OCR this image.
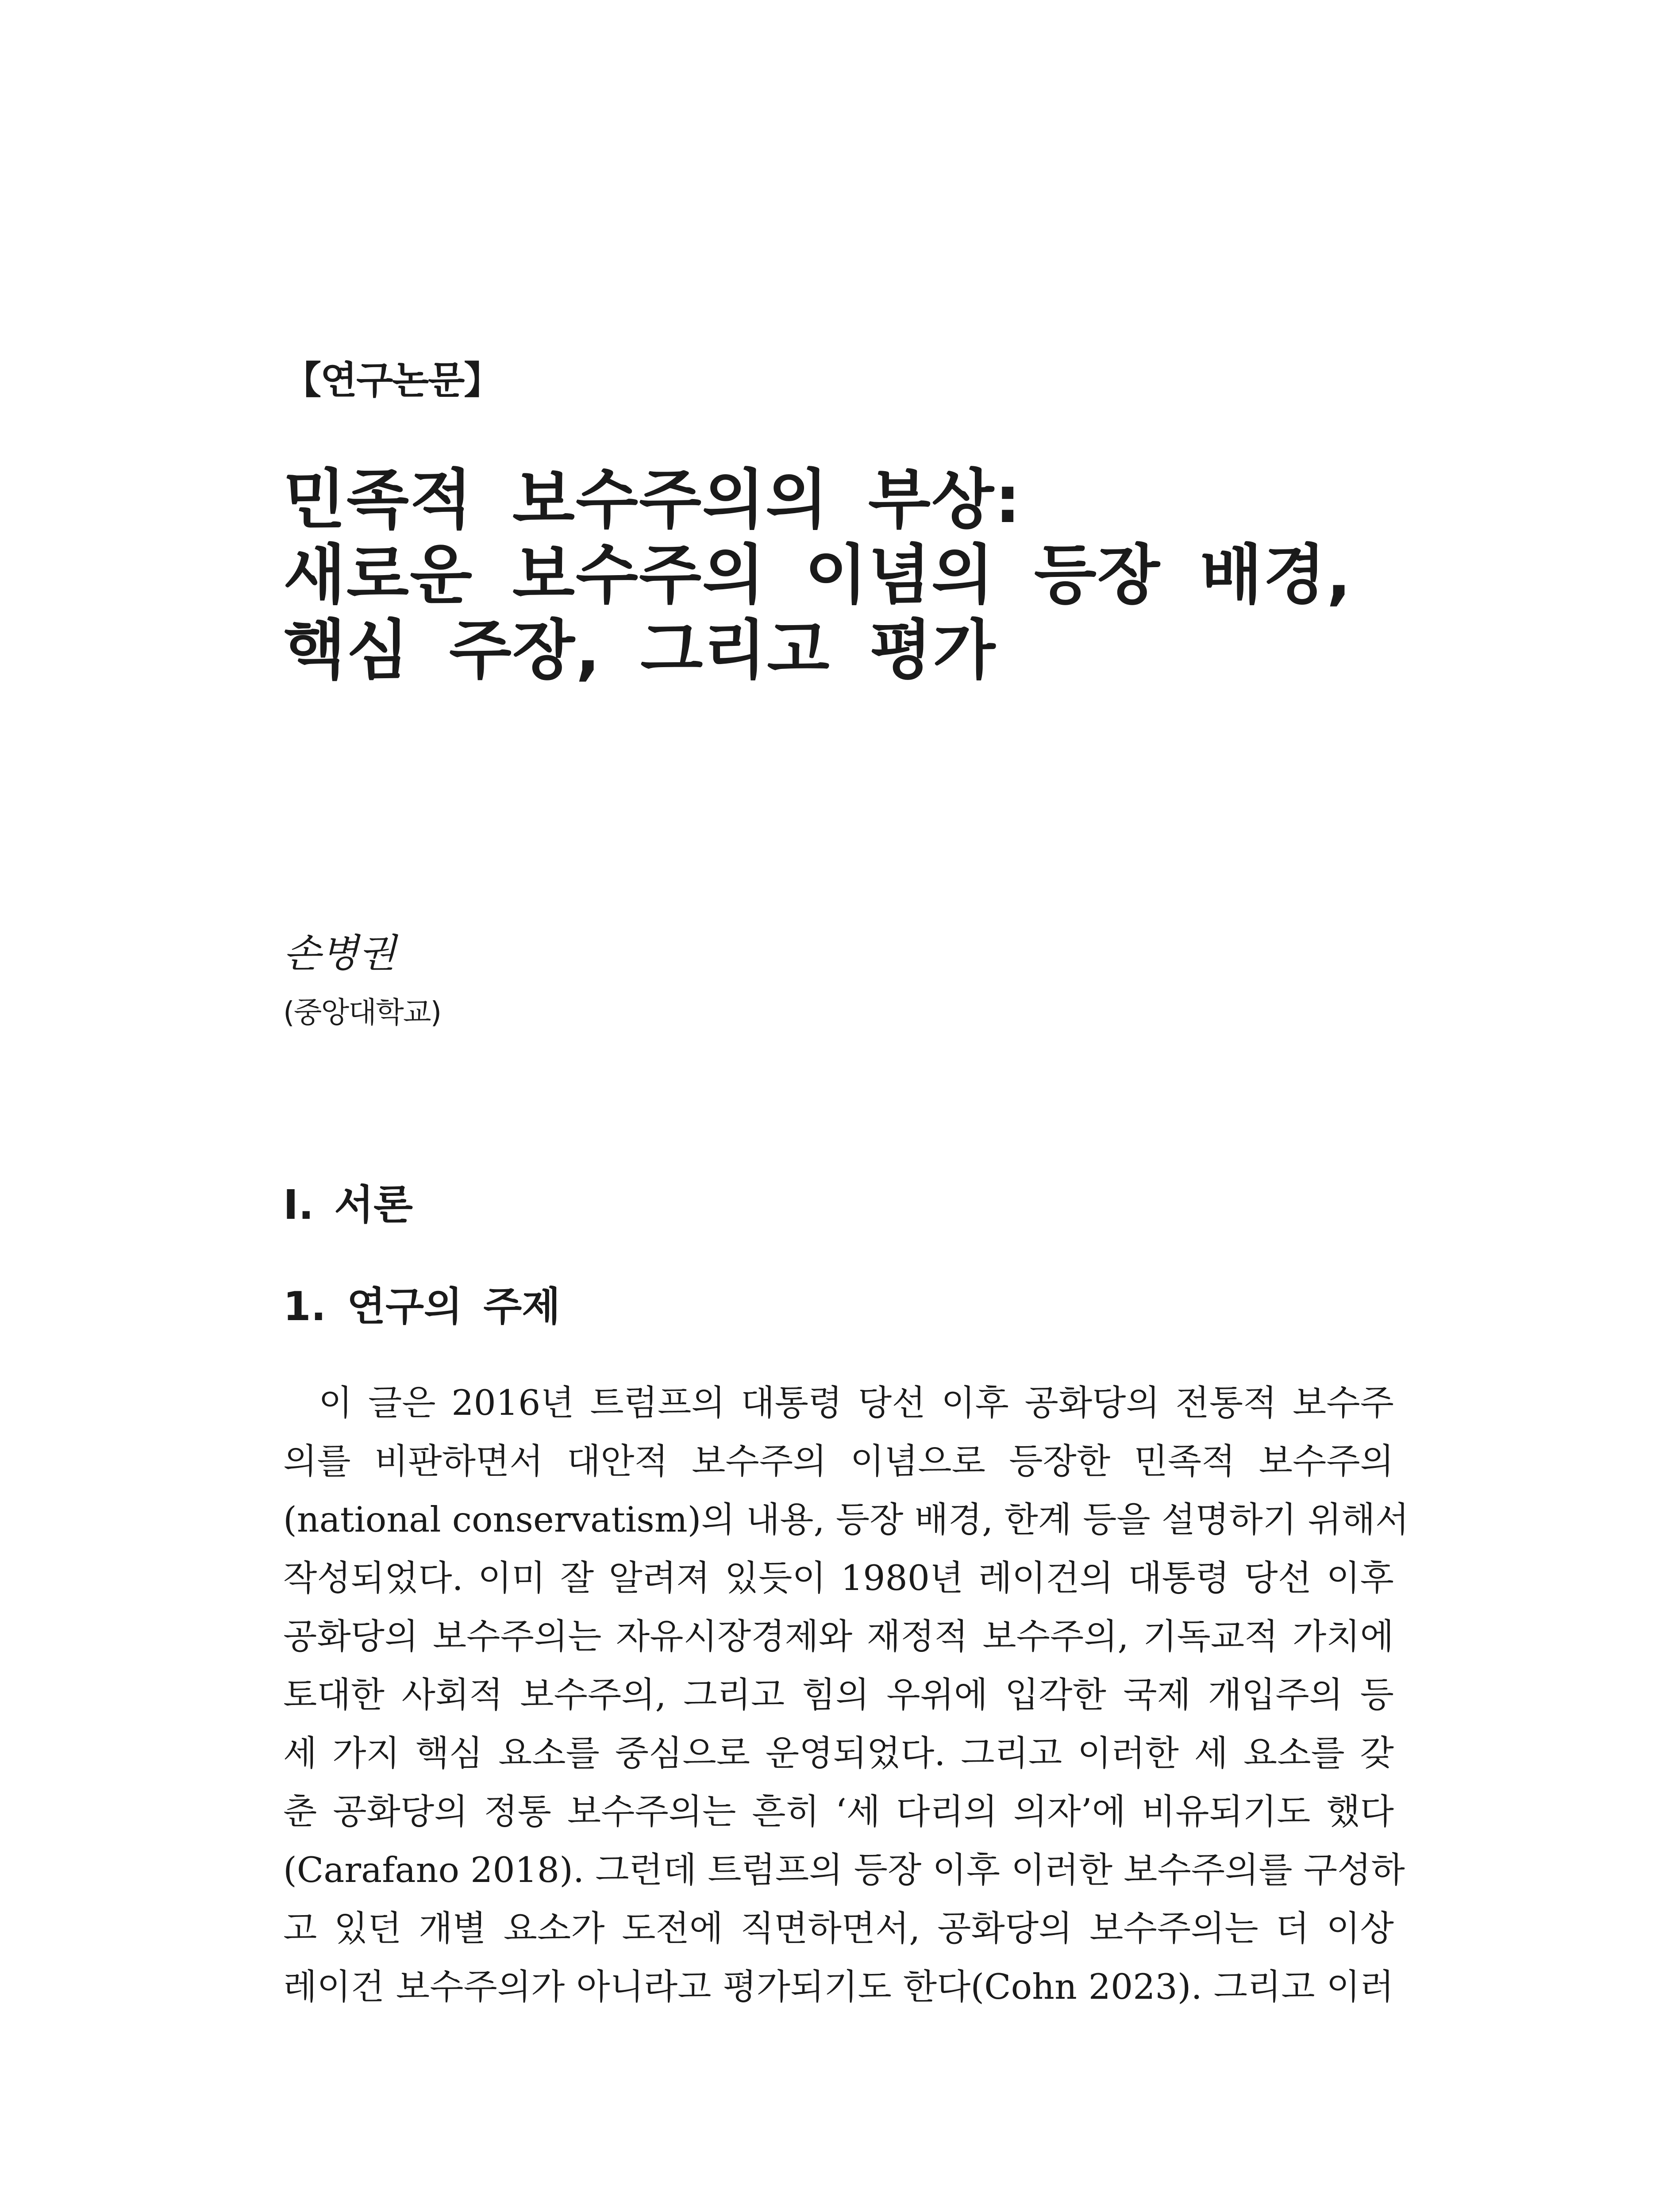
【연구논문】
민족적 보수주의의 부상:
새로운 보수주의 이념의 등장 배경,
핵심 주장, 그리고 평가
손병권
(중앙대학교)
I. 서론
1. 연구의 주제
이 글은 2016년 트럼프의 대통령 당선 이후 공화당의 전통적 보수주
의를 비판하면서 대안적 보수주의 이념으로 등장한 민족적 보수주의
(national conservatism)의 내용, 등장 배경, 한계 등을 설명하기 위해서
작성되었다. 이미 잘 알려져 있듯이 1980년 레이건의 대통령 당선 이후
공화당의 보수주의는 자유시장경제와 재정적 보수주의, 기독교적 가치에
토대한 사회적 보수주의, 그리고 힘의 우위에 입각한 국제 개입주의 등
세 가지 핵심 요소를 중심으로 운영되었다. 그리고 이러한 세 요소를 갖
춘 공화당의 정통 보수주의는 흔히 ‘세 다리의 의자’에 비유되기도 했다
(Carafano 2018). 그런데 트럼프의 등장 이후 이러한 보수주의를 구성하
고 있던 개별 요소가 도전에 직면하면서, 공화당의 보수주의는 더 이상
레이건 보수주의가 아니라고 평가되기도 한다(Cohn 2023). 그리고 이러
